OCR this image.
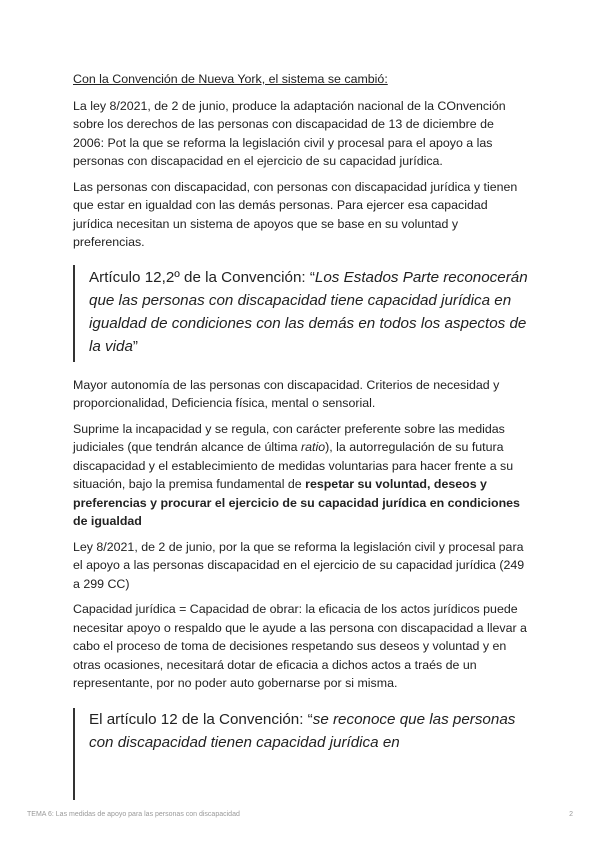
Con la Convención de Nueva York, el sistema se cambió:

La ley 8/2021, de 2 de junio, produce la adaptación nacional de la COnvención sobre los derechos de las personas con discapacidad de 13 de diciembre de 2006: Pot la que se reforma la legislación civil y procesal para el apoyo a las personas con discapacidad en el ejercicio de su capacidad jurídica.

Las personas con discapacidad, con personas con discapacidad jurídica y tienen que estar en igualdad con las demás personas. Para ejercer esa capacidad jurídica necesitan un sistema de apoyos que se base en su voluntad y preferencias.

Artículo 12,2º de la Convención: “Los Estados Parte reconocerán que las personas con discapacidad tiene capacidad jurídica en igualdad de condiciones con las demás en todos los aspectos de la vida”

Mayor autonomía de las personas con discapacidad. Criterios de necesidad y proporcionalidad, Deficiencia física, mental o sensorial.

Suprime la incapacidad y se regula, con carácter preferente sobre las medidas judiciales (que tendrán alcance de última ratio), la autorregulación de su futura discapacidad y el establecimiento de medidas voluntarias para hacer frente a su situación, bajo la premisa fundamental de respetar su voluntad, deseos y preferencias y procurar el ejercicio de su capacidad jurídica en condiciones de igualdad

Ley 8/2021, de 2 de junio, por la que se reforma la legislación civil y procesal para el apoyo a las personas discapacidad en el ejercicio de su capacidad jurídica (249 a 299 CC)

Capacidad jurídica = Capacidad de obrar: la eficacia de los actos jurídicos puede necesitar apoyo o respaldo que le ayude a las persona con discapacidad a llevar a cabo el proceso de toma de decisiones respetando sus deseos y voluntad y en otras ocasiones, necesitará dotar de eficacia a dichos actos a traés de un representante, por no poder auto gobernarse por si misma.

El artículo 12 de la Convención: “se reconoce que las personas con discapacidad tienen capacidad jurídica en
TEMA 6: Las medidas de apoyo para las personas con discapacidad	2
